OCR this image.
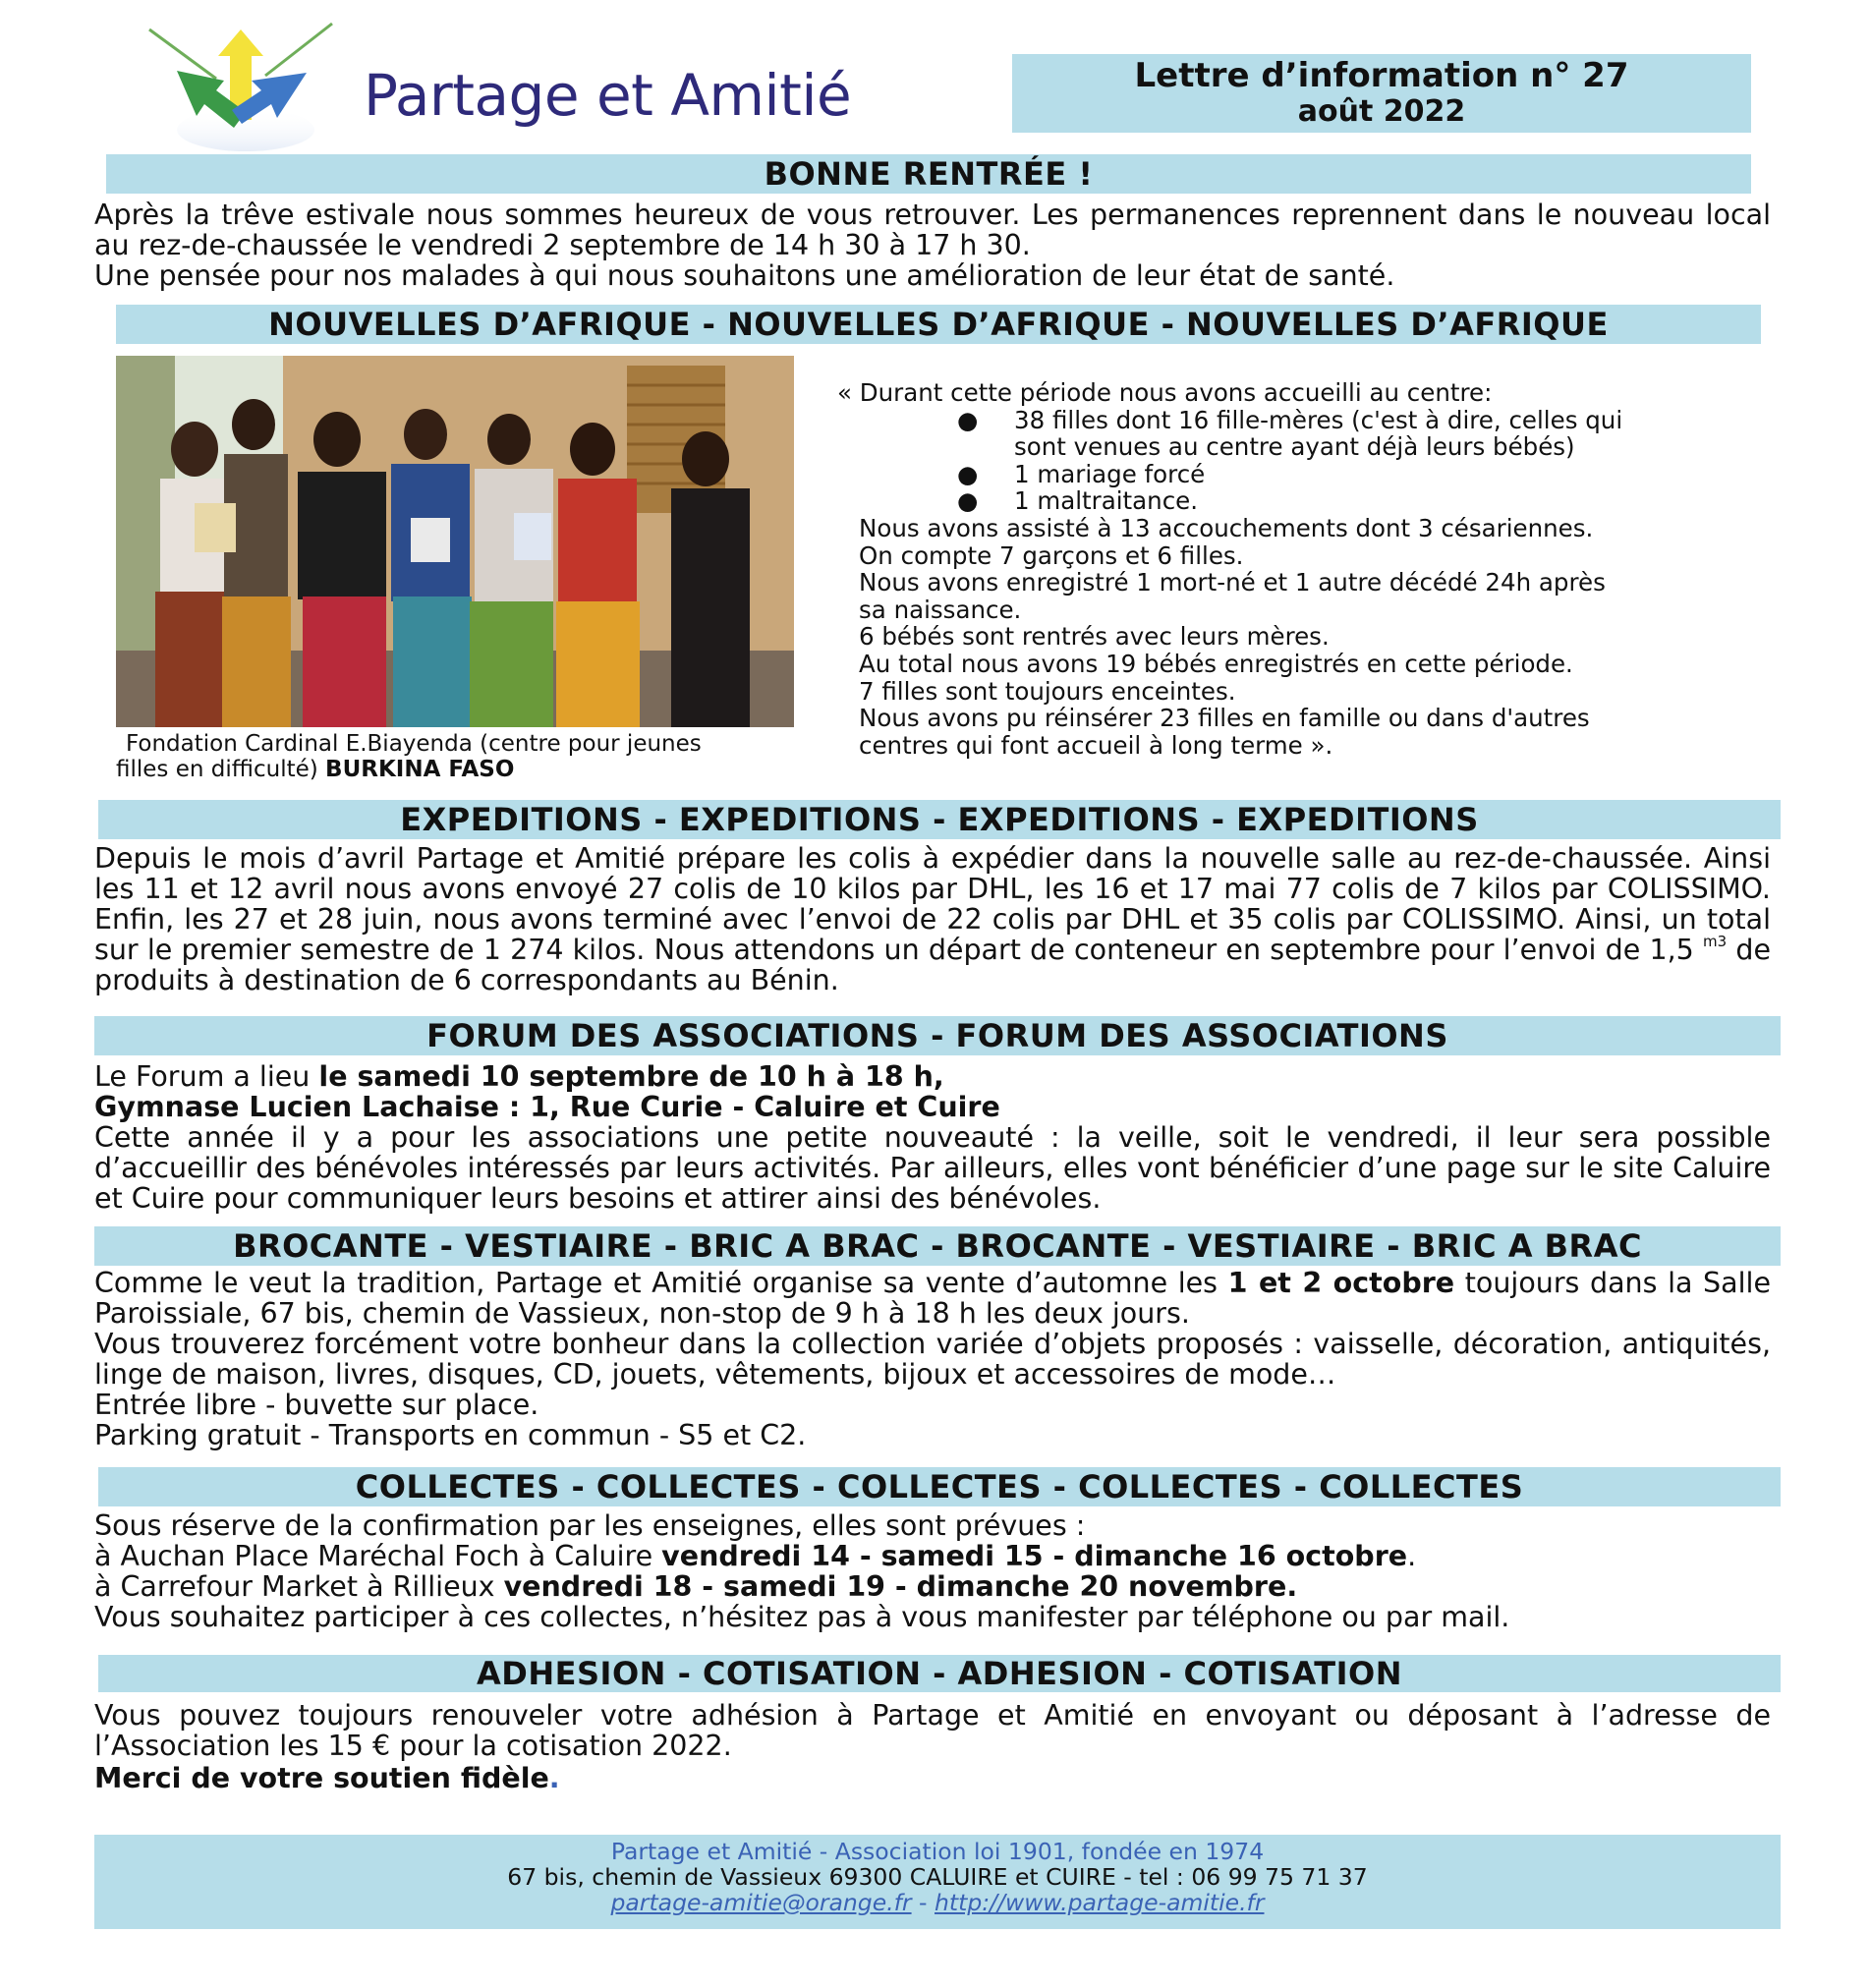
Partage et Amitié	Lettre d’information n° 27
août 2022
BONNE RENTRÉE !

Après la trêve estivale nous sommes heureux de vous retrouver. Les permanences reprennent dans le nouveau local au rez-de-chaussée le vendredi 2 septembre de 14 h 30 à 17 h 30.

Une pensée pour nos malades à qui nous souhaitons une amélioration de leur état de santé.

NOUVELLES D’AFRIQUE - NOUVELLES D’AFRIQUE - NOUVELLES D’AFRIQUE
Fondation Cardinal E.Biayenda (centre pour jeunes
filles en difficulté) BURKINA FASO
« Durant cette période nous avons accueilli au centre:
● 38 filles dont 16 fille-mères (c'est à dire, celles qui
sont venues au centre ayant déjà leurs bébés)
● 1 mariage forcé
● 1 maltraitance.
Nous avons assisté à 13 accouchements dont 3 césariennes.
On compte 7 garçons et 6 filles.
Nous avons enregistré 1 mort-né et 1 autre décédé 24h après
sa naissance.
6 bébés sont rentrés avec leurs mères.
Au total nous avons 19 bébés enregistrés en cette période.
7 filles sont toujours enceintes.
Nous avons pu réinsérer 23 filles en famille ou dans d'autres
centres qui font accueil à long terme ».
EXPEDITIONS - EXPEDITIONS - EXPEDITIONS - EXPEDITIONS

Depuis le mois d’avril Partage et Amitié prépare les colis à expédier dans la nouvelle salle au rez-de-chaussée. Ainsi les 11 et 12 avril nous avons envoyé 27 colis de 10 kilos par DHL, les 16 et 17 mai 77 colis de 7 kilos par COLISSIMO. Enfin, les 27 et 28 juin, nous avons terminé avec l’envoi de 22 colis par DHL et 35 colis par COLISSIMO. Ainsi, un total sur le premier semestre de 1 274 kilos. Nous attendons un départ de conteneur en septembre pour l’envoi de 1,5 $^{m3}$ de produits à destination de 6 correspondants au Bénin.

FORUM DES ASSOCIATIONS - FORUM DES ASSOCIATIONS
Le Forum a lieu le samedi 10 septembre de 10 h à 18 h,
Gymnase Lucien Lachaise : 1, Rue Curie - Caluire et Cuire

Cette année il y a pour les associations une petite nouveauté : la veille, soit le vendredi, il leur sera possible d’accueillir des bénévoles intéressés par leurs activités. Par ailleurs, elles vont bénéficier d’une page sur le site Caluire et Cuire pour communiquer leurs besoins et attirer ainsi des bénévoles.

BROCANTE - VESTIAIRE - BRIC A BRAC - BROCANTE - VESTIAIRE - BRIC A BRAC

Comme le veut la tradition, Partage et Amitié organise sa vente d’automne les 1 et 2 octobre toujours dans la Salle Paroissiale, 67 bis, chemin de Vassieux, non-stop de 9 h à 18 h les deux jours.

Vous trouverez forcément votre bonheur dans la collection variée d’objets proposés : vaisselle, décoration, antiquités, linge de maison, livres, disques, CD, jouets, vêtements, bijoux et accessoires de mode…

Entrée libre - buvette sur place.
Parking gratuit - Transports en commun - S5 et C2.
COLLECTES - COLLECTES - COLLECTES - COLLECTES - COLLECTES
Sous réserve de la confirmation par les enseignes, elles sont prévues :
à Auchan Place Maréchal Foch à Caluire vendredi 14 - samedi 15 - dimanche 16 octobre.
à Carrefour Market à Rillieux vendredi 18 - samedi 19 - dimanche 20 novembre.
Vous souhaitez participer à ces collectes, n’hésitez pas à vous manifester par téléphone ou par mail.
ADHESION - COTISATION - ADHESION - COTISATION

Vous pouvez toujours renouveler votre adhésion à Partage et Amitié en envoyant ou déposant à l’adresse de l’Association les 15 € pour la cotisation 2022.

Merci de votre soutien fidèle.
Partage et Amitié - Association loi 1901, fondée en 1974
67 bis, chemin de Vassieux 69300 CALUIRE et CUIRE - tel : 06 99 75 71 37
partage-amitie@orange.fr - http://www.partage-amitie.fr
